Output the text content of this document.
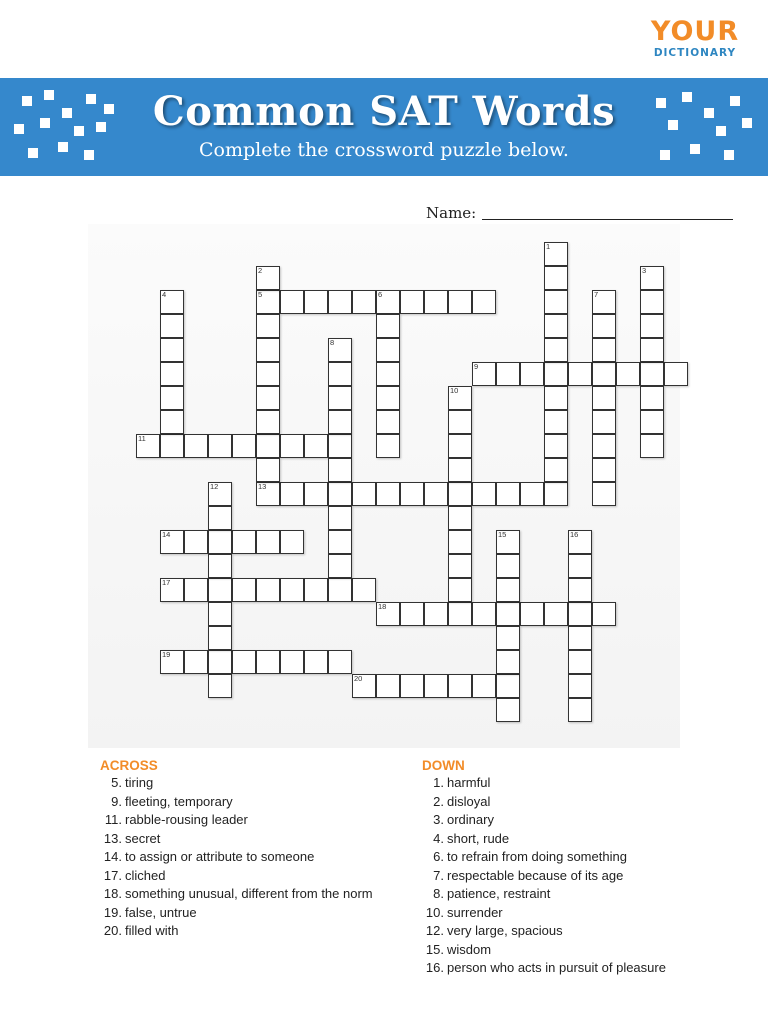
YOUR
DICTIONARY
Common SAT Words
Complete the crossword puzzle below.
Name:
5	6
9
11
13
14
17
18
19
20
1
2	3
4	7
8
10
12
15	16
ACROSS
5. tiring
9. fleeting, temporary
11. rabble-rousing leader
13. secret
14. to assign or attribute to someone
17. cliched
18. something unusual, different from the norm
19. false, untrue
20. filled with
DOWN
1. harmful
2. disloyal
3. ordinary
4. short, rude
6. to refrain from doing something
7. respectable because of its age
8. patience, restraint
10. surrender
12. very large, spacious
15. wisdom
16. person who acts in pursuit of pleasure
